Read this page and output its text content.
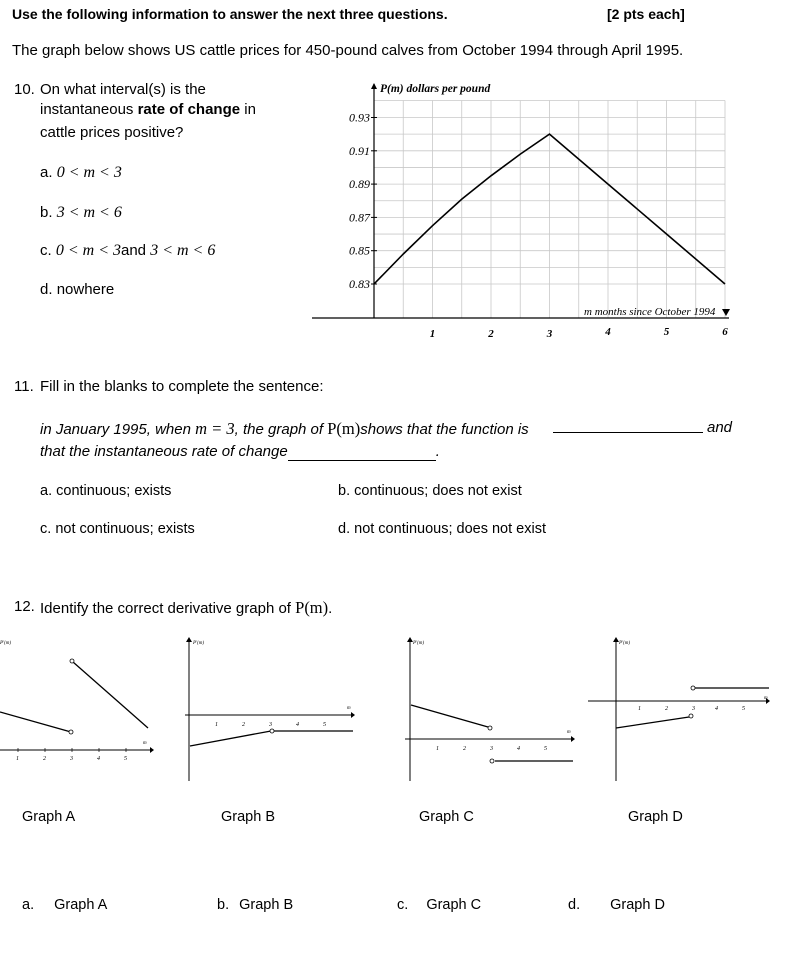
Use the following information to answer the next three questions.	[2 pts each]
The graph below shows US cattle prices for 450-pound calves from October 1994 through April 1995.
10. On what interval(s) is the
instantaneous rate of change in
cattle prices positive?
a. 0 < m < 3
b. 3 < m < 6
c. 0 < m < 3and 3 < m < 6
d. nowhere
0.93
0.91
0.89
0.87
0.85
0.83
1	2	3	4	5	6
P(m) dollars per pound
m months since October 1994
11. Fill in the blanks to complete the sentence:
in January 1995, when m = 3, the graph of P(m)shows that the function is	and
that the instantaneous rate of change	.
a. continuous; exists	b. continuous; does not exist
c. not continuous; exists	d. not continuous; does not exist
12. Identify the correct derivative graph of P(m).
P'(m)
m
1	2	3	4	5
Graph A
P'(m)
m
1	2	3	4	5
Graph B
P'(m)
m
1	2	3	4	5
Graph C
P'(m)
m
1	2	3	4	5
Graph D
a. Graph A	b. Graph B	c. Graph C	d. Graph D
